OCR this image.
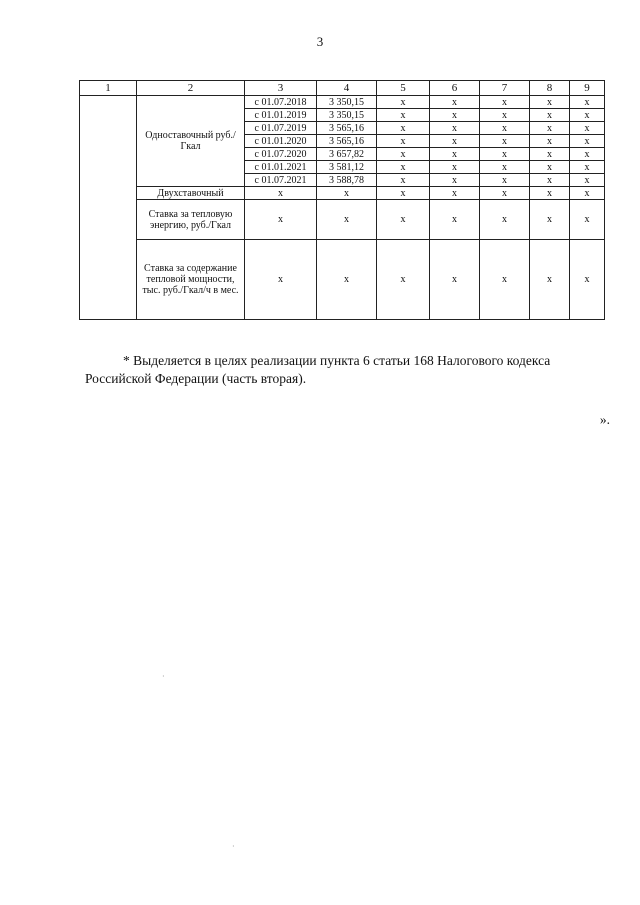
3
1	2	3	4	5	6	7	8	9
	Одноставочный руб./Гкал	с 01.07.2018	3 350,15	х	х	х	х	х
		с 01.01.2019	3 350,15	х	х	х	х	х
		с 01.07.2019	3 565,16	х	х	х	х	х
		с 01.01.2020	3 565,16	х	х	х	х	х
		с 01.07.2020	3 657,82	х	х	х	х	х
		с 01.01.2021	3 581,12	х	х	х	х	х
		с 01.07.2021	3 588,78	х	х	х	х	х
	Двухставочный	х	х	х	х	х	х	х
	Ставка за тепловую энергию, руб./Гкал	х	х	х	х	х	х	х
	Ставка за содержание тепловой мощности, тыс. руб./Гкал/ч в мес.	х	х	х	х	х	х	х
* Выделяется в целях реализации пункта 6 статьи 168 Налогового кодекса Российской Федерации (часть вторая).
».
·
·
